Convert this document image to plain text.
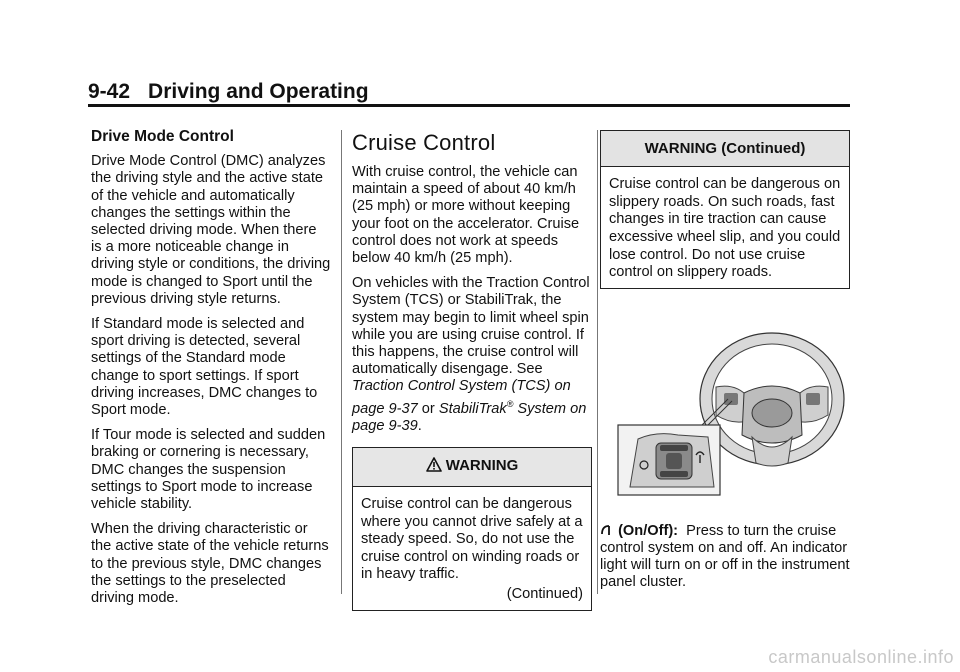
9-42 Driving and Operating
Drive Mode Control

Drive Mode Control (DMC) analyzes the driving style and the active state of the vehicle and automatically changes the settings within the selected driving mode. When there is a more noticeable change in driving style or conditions, the driving mode is changed to Sport until the previous driving style returns.

If Standard mode is selected and sport driving is detected, several settings of the Standard mode change to sport settings. If sport driving increases, DMC changes to Sport mode.

If Tour mode is selected and sudden braking or cornering is necessary, DMC changes the suspension settings to Sport mode to increase vehicle stability.

When the driving characteristic or the active state of the vehicle returns to the previous style, DMC changes the settings to the preselected driving mode.

Cruise Control

With cruise control, the vehicle can maintain a speed of about 40 km/h (25 mph) or more without keeping your foot on the accelerator. Cruise control does not work at speeds below 40 km/h (25 mph).

On vehicles with the Traction Control System (TCS) or StabiliTrak, the system may begin to limit wheel spin while you are using cruise control. If this happens, the cruise control will automatically disengage. See Traction Control System (TCS) on page 9-37 or StabiliTrak® System on page 9-39.

WARNING
Cruise control can be dangerous where you cannot drive safely at a steady speed. So, do not use the cruise control on winding roads or in heavy traffic.
(Continued)
WARNING (Continued)
Cruise control can be dangerous on slippery roads. On such roads, fast changes in tire traction can cause excessive wheel slip, and you could lose control. Do not use cruise control on slippery roads.

(On/Off): Press to turn the cruise control system on and off. An indicator light will turn on or off in the instrument panel cluster.

carmanualsonline.info
